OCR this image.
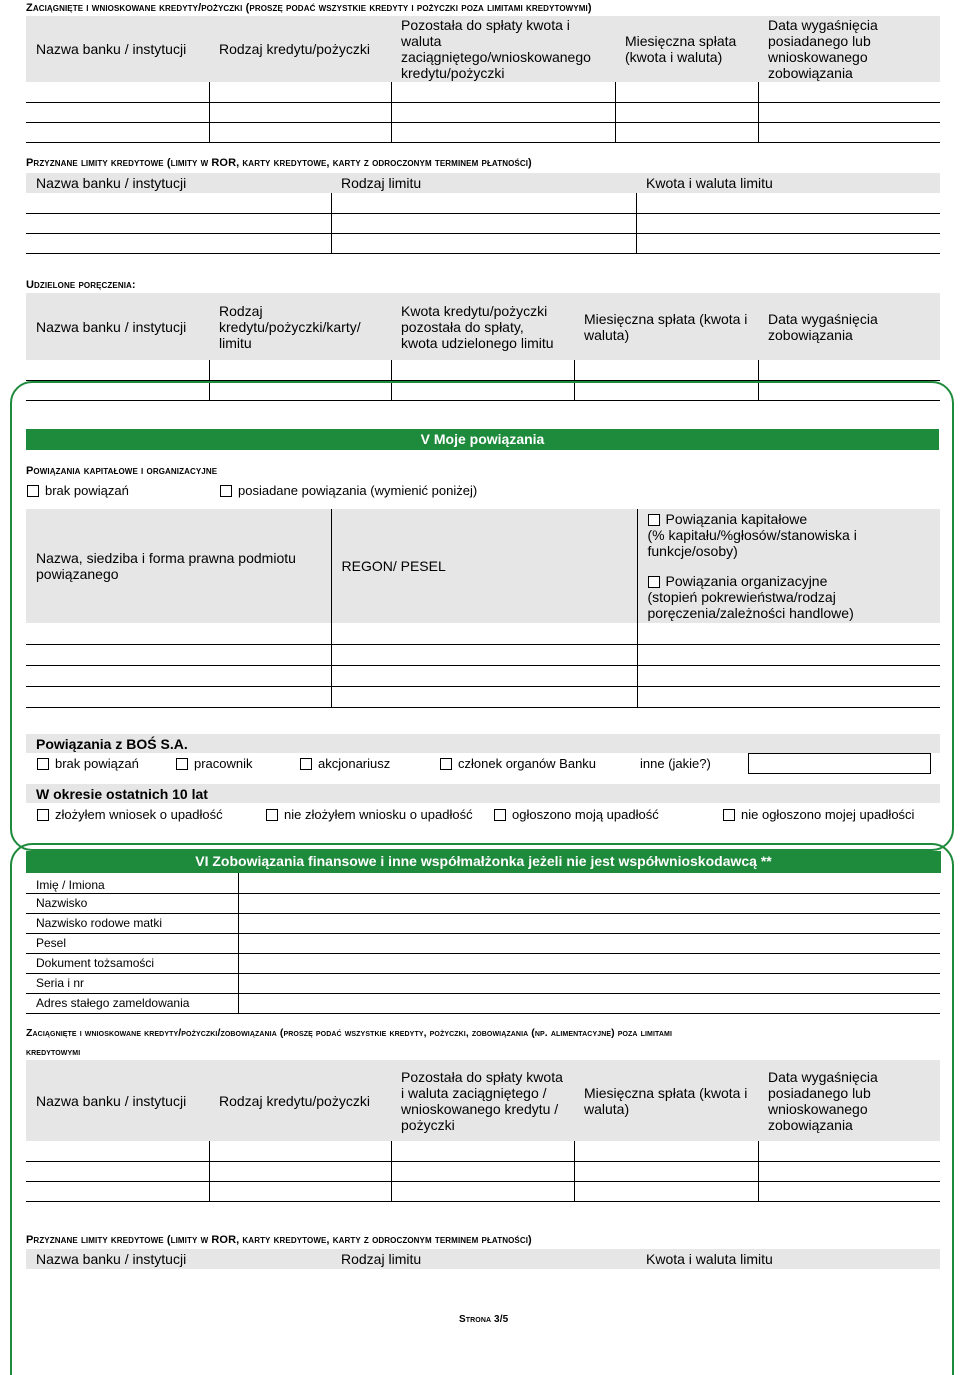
Zaciągnięte i wnioskowane kredyty/pożyczki (proszę podać wszystkie kredyty i pożyczki poza limitami kredytowymi)
Nazwa banku / instytucji	Rodzaj kredytu/pożyczki	Pozostała do spłaty kwota i waluta zaciągniętego/wnioskowanego kredytu/pożyczki	Miesięczna spłata (kwota i waluta)	Data wygaśnięcia posiadanego lub wnioskowanego zobowiązania

Przyznane limity kredytowe (limity w ROR, karty kredytowe, karty z odroczonym terminem płatności)
Nazwa banku / instytucji	Rodzaj limitu	Kwota i waluta limitu

Udzielone poręczenia:
Nazwa banku / instytucji	Rodzaj kredytu/pożyczki/karty/ limitu	Kwota kredytu/pożyczki pozostała do spłaty, kwota udzielonego limitu	Miesięczna spłata (kwota i waluta)	Data wygaśnięcia zobowiązania

V Moje powiązania
Powiązania kapitałowe i organizacyjne
brak powiązań	posiadane powiązania (wymienić poniżej)
Nazwa, siedziba i forma prawna podmiotu powiązanego	REGON/ PESEL	Powiązania kapitałowe
(% kapitału/%głosów/stanowiska i funkcje/osoby)
Powiązania organizacyjne
(stopień pokrewieństwa/rodzaj poręczenia/zależności handlowe)

Powiązania z BOŚ S.A.
brak powiązań	pracownik	akcjonariusz	członek organów Banku	inne (jakie?)
W okresie ostatnich 10 lat
złożyłem wniosek o upadłość	nie złożyłem wniosku o upadłość	ogłoszono moją upadłość	nie ogłoszono mojej upadłości
VI Zobowiązania finansowe i inne współmałżonka jeżeli nie jest współwnioskodawcą **
Imię / Imiona	
Nazwisko	
Nazwisko rodowe matki	
Pesel	
Dokument tożsamości	
Seria i nr	
Adres stałego zameldowania	
Zaciągnięte i wnioskowane kredyty/pożyczki/zobowiązania (proszę podać wszystkie kredyty, pożyczki, zobowiązania (np. alimentacyjne) poza limitami
kredytowymi
Nazwa banku / instytucji	Rodzaj kredytu/pożyczki	Pozostała do spłaty kwota i waluta zaciągniętego / wnioskowanego kredytu / pożyczki	Miesięczna spłata (kwota i waluta)	Data wygaśnięcia posiadanego lub wnioskowanego zobowiązania

Przyznane limity kredytowe (limity w ROR, karty kredytowe, karty z odroczonym terminem płatności)
Nazwa banku / instytucji	Rodzaj limitu	Kwota i waluta limitu
Strona 3/5
